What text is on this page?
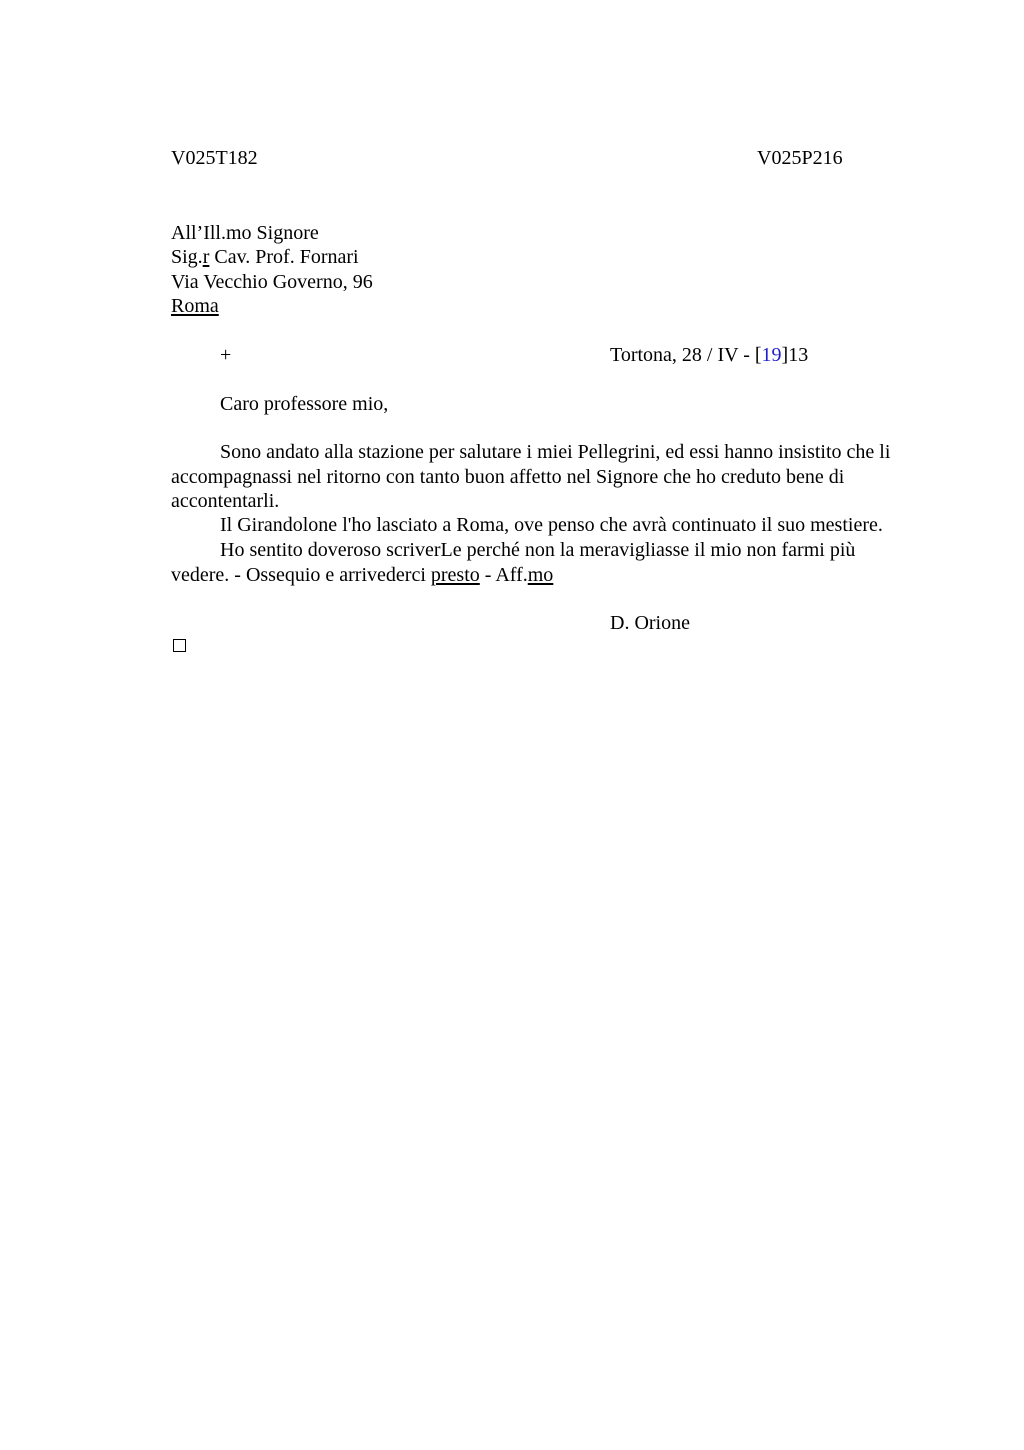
V025T182	V025P216
All’Ill.mo Signore
Sig.r Cav. Prof. Fornari
Via Vecchio Governo, 96
Roma
+	Tortona, 28 / IV - [19]13
Caro professore mio,
Sono andato alla stazione per salutare i miei Pellegrini, ed essi hanno insistito che li accompagnassi nel ritorno con tanto buon affetto nel Signore che ho creduto bene di accontentarli.
Il Girandolone l'ho lasciato a Roma, ove penso che avrà continuato il suo mestiere.
Ho sentito doveroso scriverLe perché non la meravigliasse il mio non farmi più vedere. - Ossequio e arrivederci presto - Aff.mo
D. Orione
